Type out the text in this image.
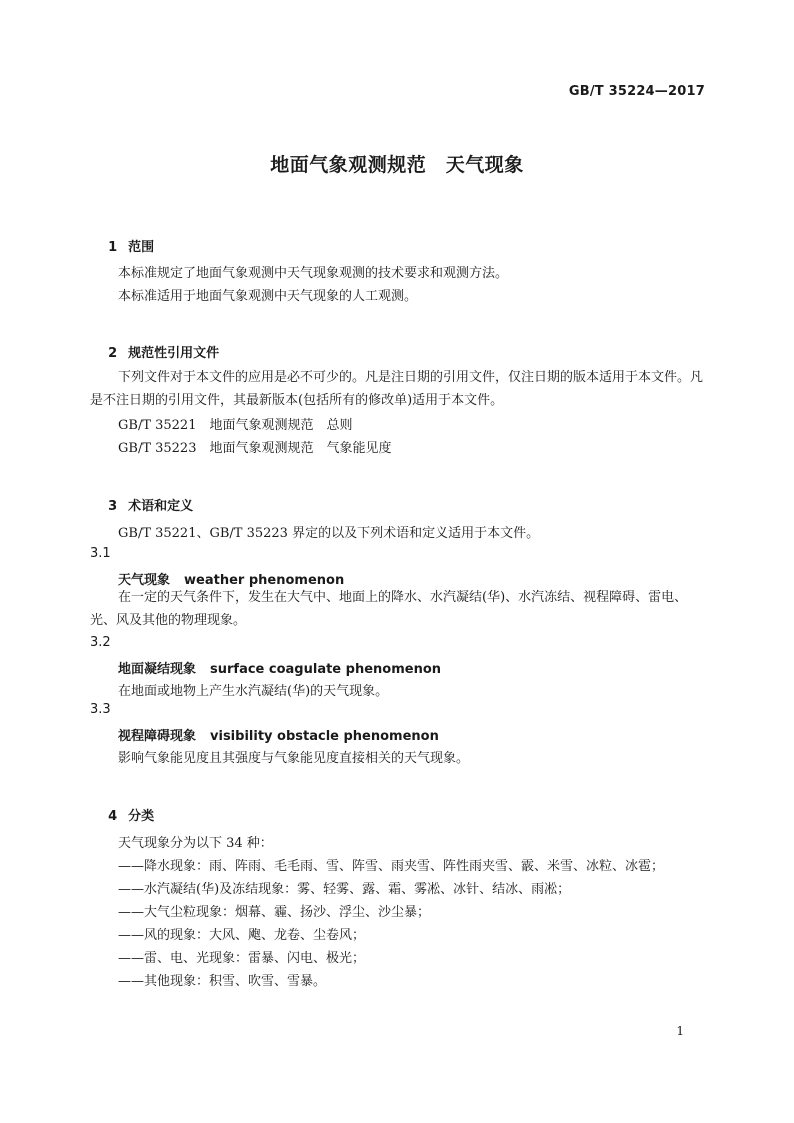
GB/T 35224—2017
地面气象观测规范　天气现象

1 范围

本标准规定了地面气象观测中天气现象观测的技术要求和观测方法。
本标准适用于地面气象观测中天气现象的人工观测。

2 规范性引用文件

下列文件对于本文件的应用是必不可少的。凡是注日期的引用文件，仅注日期的版本适用于本文件。凡是不注日期的引用文件，其最新版本(包括所有的修改单)适用于本文件。
GB/T 35221　地面气象观测规范　总则
GB/T 35223　地面气象观测规范　气象能见度

3 术语和定义

GB/T 35221、GB/T 35223 界定的以及下列术语和定义适用于本文件。
3.1
天气现象 weather phenomenon
在一定的天气条件下，发生在大气中、地面上的降水、水汽凝结(华)、水汽冻结、视程障碍、雷电、光、风及其他的物理现象。
3.2
地面凝结现象 surface coagulate phenomenon
在地面或地物上产生水汽凝结(华)的天气现象。
3.3
视程障碍现象 visibility obstacle phenomenon
影响气象能见度且其强度与气象能见度直接相关的天气现象。

4 分类

天气现象分为以下 34 种：
——降水现象：雨、阵雨、毛毛雨、雪、阵雪、雨夹雪、阵性雨夹雪、霰、米雪、冰粒、冰雹；
——水汽凝结(华)及冻结现象：雾、轻雾、露、霜、雾凇、冰针、结冰、雨凇；
——大气尘粒现象：烟幕、霾、扬沙、浮尘、沙尘暴；
——风的现象：大风、飑、龙卷、尘卷风；
——雷、电、光现象：雷暴、闪电、极光；
——其他现象：积雪、吹雪、雪暴。
1
